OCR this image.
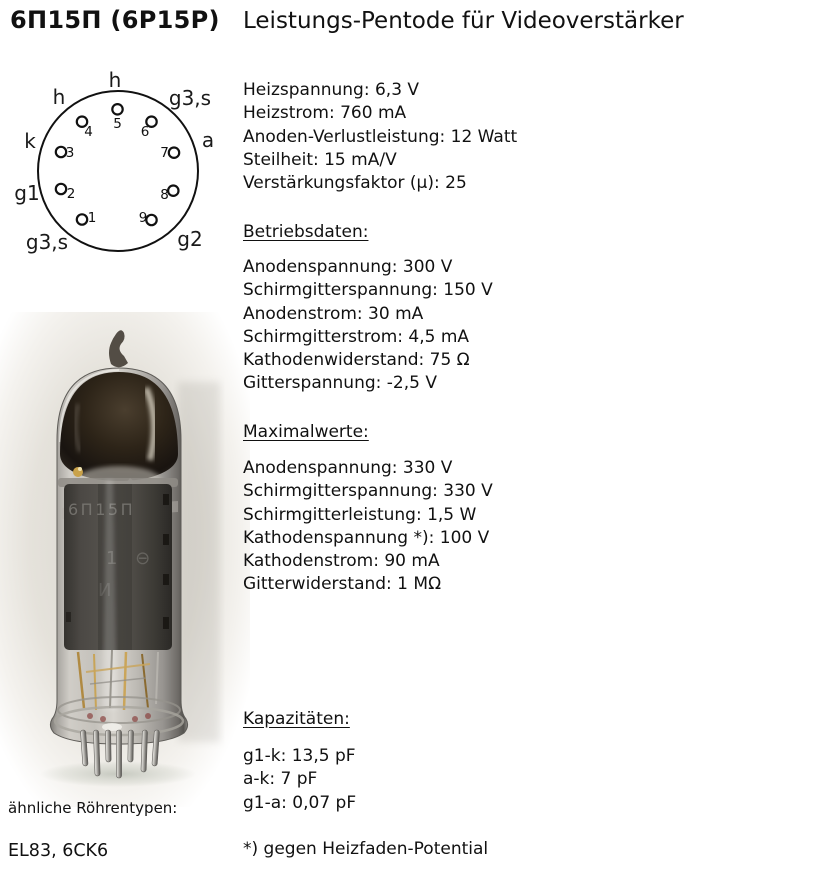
6П15П (6P15P) Leistungs-Pentode für Videoverstärker
1
2
3
4 5 6
7
8
9
h
h	g3,s
k	a
g1
g3,s	g2
6П15П
1 ⊖
И
Heizspannung: 6,3 V
Heizstrom: 760 mA
Anoden-Verlustleistung: 12 Watt
Steilheit: 15 mA/V
Verstärkungsfaktor (µ): 25
Betriebsdaten:
Anodenspannung: 300 V
Schirmgitterspannung: 150 V
Anodenstrom: 30 mA
Schirmgitterstrom: 4,5 mA
Kathodenwiderstand: 75 Ω
Gitterspannung: -2,5 V
Maximalwerte:
Anodenspannung: 330 V
Schirmgitterspannung: 330 V
Schirmgitterleistung: 1,5 W
Kathodenspannung *): 100 V
Kathodenstrom: 90 mA
Gitterwiderstand: 1 MΩ
Kapazitäten:
g1-k: 13,5 pF
a-k: 7 pF
g1-a: 0,07 pF
*) gegen Heizfaden-Potential
ähnliche Röhrentypen:
EL83, 6CK6
